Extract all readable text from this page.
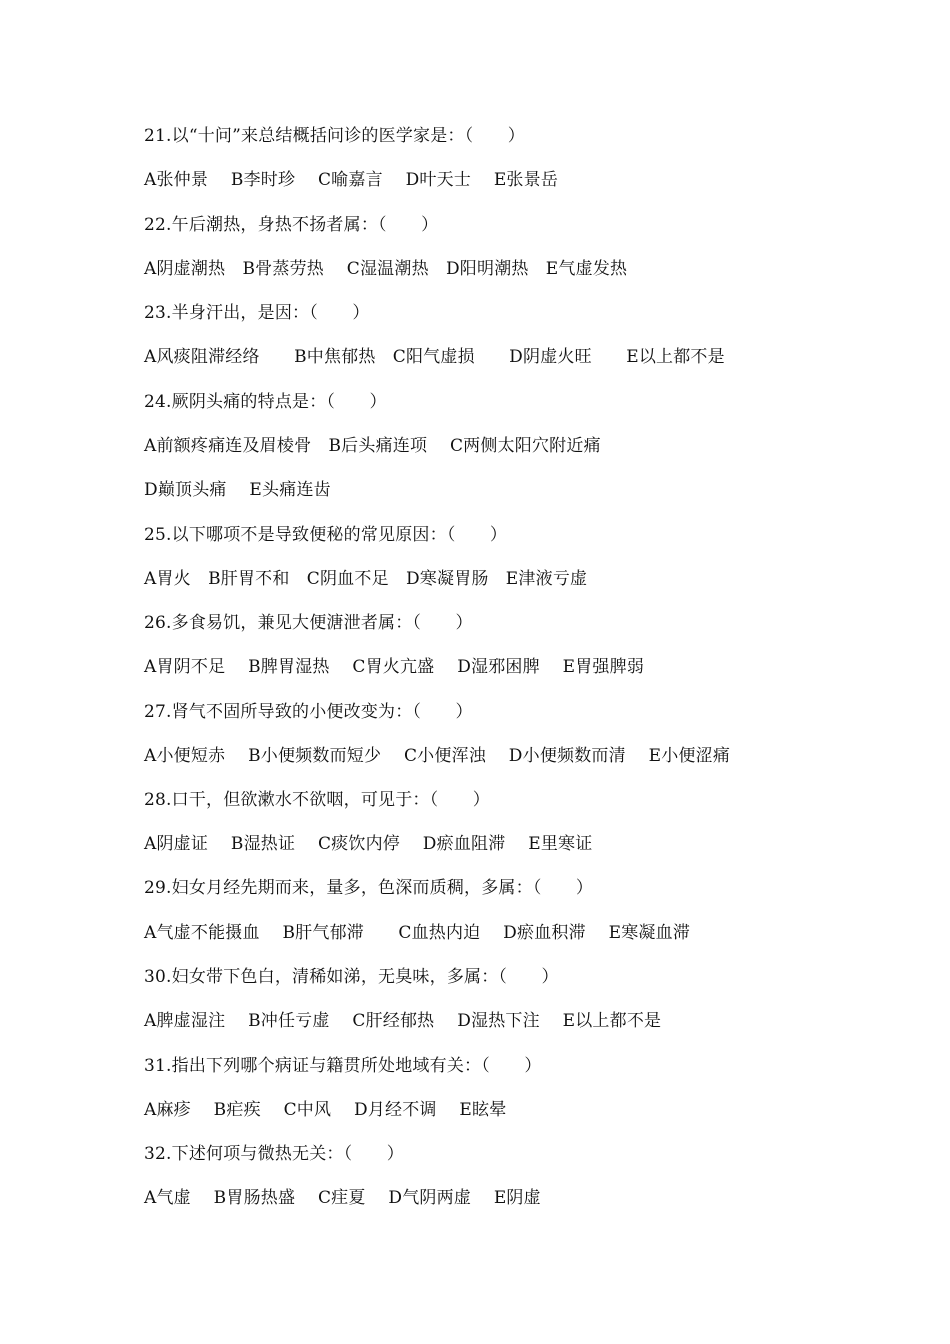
21.以“十问”来总结概括问诊的医学家是：（　　）
A张仲景　 B李时珍　 C喻嘉言　 D叶天士　 E张景岳
22.午后潮热，身热不扬者属：（　　）
A阴虚潮热　B骨蒸劳热　 C湿温潮热　D阳明潮热　E气虚发热
23.半身汗出，是因：（　　）
A风痰阻滞经络　　B中焦郁热　C阳气虚损　　D阴虚火旺　　E以上都不是
24.厥阴头痛的特点是：（　　）
A前额疼痛连及眉棱骨　B后头痛连项　 C两侧太阳穴附近痛
D巅顶头痛　 E头痛连齿
25.以下哪项不是导致便秘的常见原因：（　　）
A胃火　B肝胃不和　C阴血不足　D寒凝胃肠　E津液亏虚
26.多食易饥，兼见大便溏泄者属：（　　）
A胃阴不足　 B脾胃湿热　 C胃火亢盛　 D湿邪困脾　 E胃强脾弱
27.肾气不固所导致的小便改变为：（　　）
A小便短赤　 B小便频数而短少　 C小便浑浊　 D小便频数而清　 E小便涩痛
28.口干，但欲漱水不欲咽，可见于：（　　）
A阴虚证　 B湿热证　 C痰饮内停　 D瘀血阻滞　 E里寒证
29.妇女月经先期而来，量多，色深而质稠，多属：（　　）
A气虚不能摄血　 B肝气郁滞　　C血热内迫　 D瘀血积滞　 E寒凝血滞
30.妇女带下色白，清稀如涕，无臭味，多属：（　　）
A脾虚湿注　 B冲任亏虚　 C肝经郁热　 D湿热下注　 E以上都不是
31.指出下列哪个病证与籍贯所处地域有关：（　　）
A麻疹　 B疟疾　 C中风　 D月经不调　 E眩晕
32.下述何项与微热无关：（　　）
A气虚　 B胃肠热盛　 C疰夏　 D气阴两虚　 E阴虚
